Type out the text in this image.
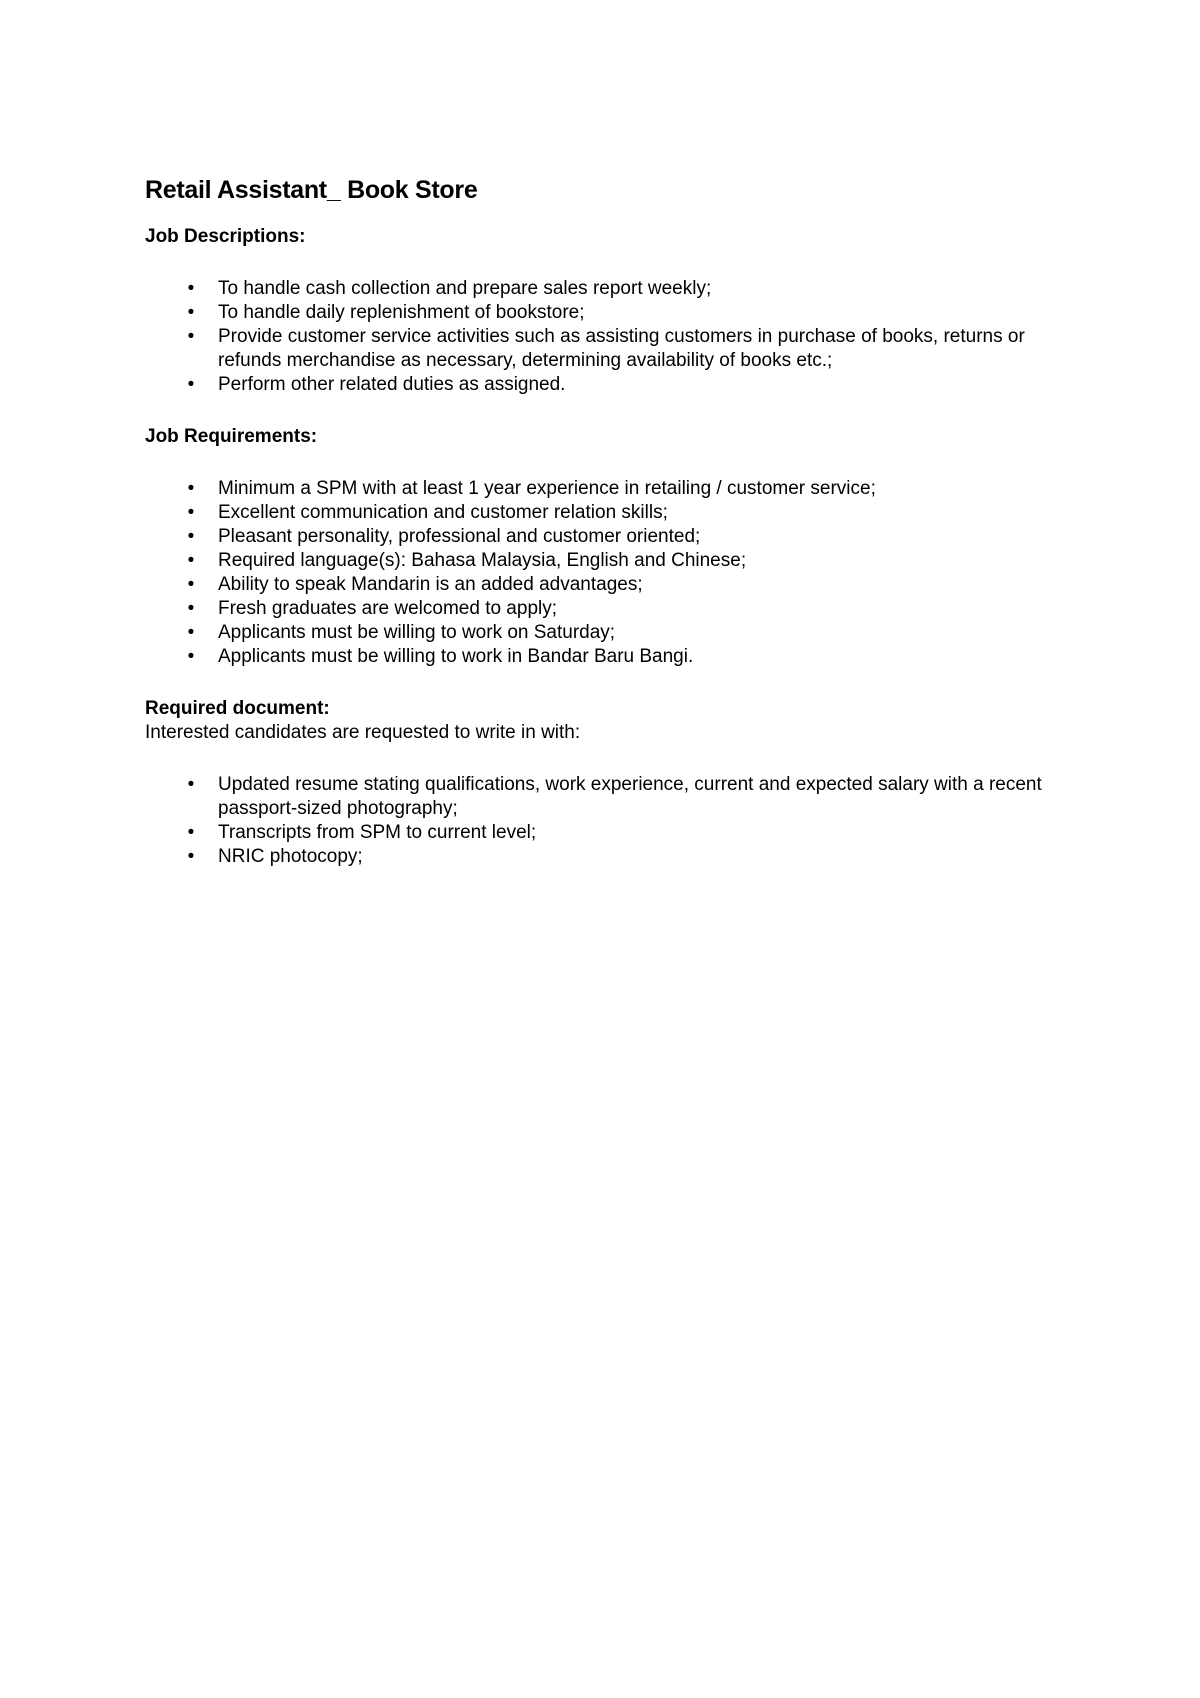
Retail Assistant_ Book Store
Job Descriptions:
• To handle cash collection and prepare sales report weekly;
• To handle daily replenishment of bookstore;
• Provide customer service activities such as assisting customers in purchase of books, returns or refunds merchandise as necessary, determining availability of books etc.;
• Perform other related duties as assigned.
Job Requirements:
• Minimum a SPM with at least 1 year experience in retailing / customer service;
• Excellent communication and customer relation skills;
• Pleasant personality, professional and customer oriented;
• Required language(s): Bahasa Malaysia, English and Chinese;
• Ability to speak Mandarin is an added advantages;
• Fresh graduates are welcomed to apply;
• Applicants must be willing to work on Saturday;
• Applicants must be willing to work in Bandar Baru Bangi.
Required document:
Interested candidates are requested to write in with:
• Updated resume stating qualifications, work experience, current and expected salary with a recent passport-sized photography;
• Transcripts from SPM to current level;
• NRIC photocopy;
